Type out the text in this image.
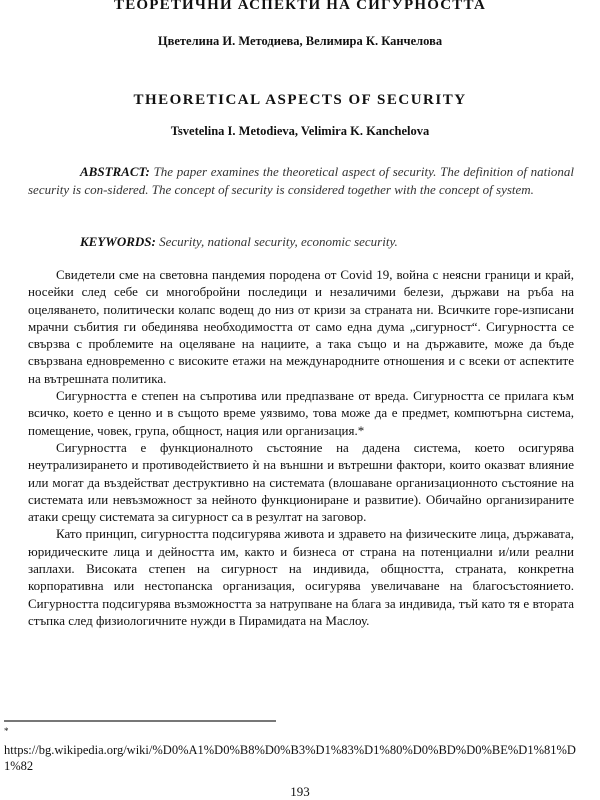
ТЕОРЕТИЧНИ АСПЕКТИ НА СИГУРНОСТТА
Цветелина И. Методиева, Велимира К. Канчелова
THEORETICAL ASPECTS OF SECURITY
Tsvetelina I. Metodieva, Velimira K. Kanchelova
ABSTRACT: The paper examines the theoretical aspect of security. The definition of national security is con-sidered. The concept of security is considered together with the concept of system.
KEYWORDS: Security, national security, economic security.

Свидетели сме на световна пандемия породена от Covid 19, война с неясни граници и край, носейки след себе си многобройни последици и незаличими белези, държави на ръба на оцеляването, политически колапс водещ до низ от кризи за страната ни. Всичките горе-изписани мрачни събития ги обединява необходимостта от само една дума „сигурност“. Сигурността се свързва с проблемите на оцеляване на нациите, а така също и на държавите, може да бъде свързвана едновременно с високите етажи на международните отношения и с всеки от аспектите на вътрешната политика.

Сигурността е степен на съпротива или предпазване от вреда. Сигурността се прилага към всичко, което е ценно и в същото време уязвимо, това може да е предмет, компютърна система, помещение, човек, група, общност, нация или организация.*

Сигурността е функционалното състояние на дадена система, което осигурява неутрализирането и противодействието ѝ на външни и вътрешни фактори, които оказват влияние или могат да въздействат деструктивно на системата (влошаване организационното състояние на системата или невъзможност за нейното функциониране и развитие). Обичайно организираните атаки срещу системата за сигурност са в резултат на заговор.

Като принцип, сигурността подсигурява живота и здравето на физическите лица, държавата, юридическите лица и дейността им, както и бизнеса от страна на потенциални и/или реални заплахи. Високата степен на сигурност на индивида, общността, страната, конкретна корпоративна или нестопанска организация, осигурява увеличаване на благосъстоянието. Сигурността подсигурява възможността за натрупване на блага за индивида, тъй като тя е втората стъпка след физиологичните нужди в Пирамидата на Маслоу.

*
https://bg.wikipedia.org/wiki/%D0%A1%D0%B8%D0%B3%D1%83%D1%80%D0%BD%D0%BE%D1%81%D1%82
193
